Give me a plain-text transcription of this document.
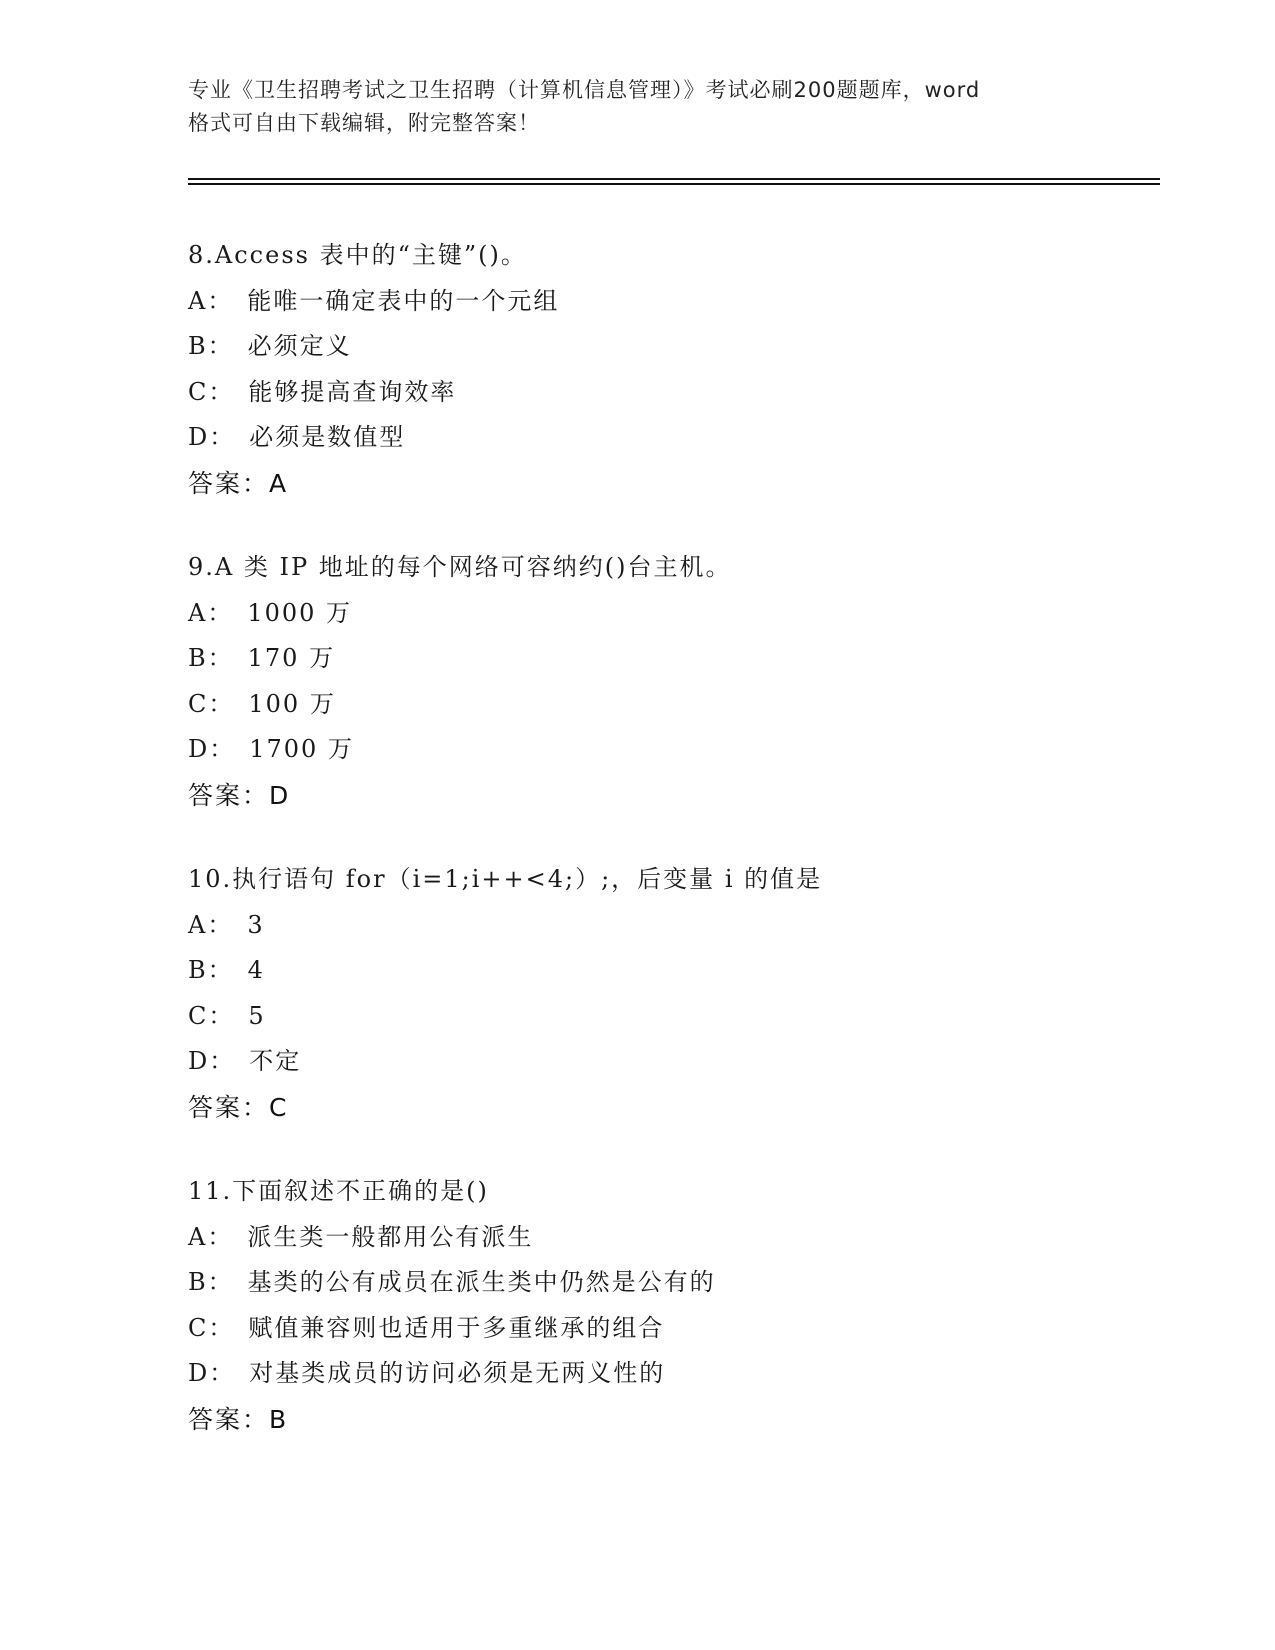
专业《卫生招聘考试之卫生招聘（计算机信息管理）》考试必刷200题题库，word
格式可自由下载编辑，附完整答案！
8.Access 表中的“主键”()。
A： 能唯一确定表中的一个元组
B： 必须定义
C： 能够提高查询效率
D： 必须是数值型
答案：A
9.A 类 IP 地址的每个网络可容纳约()台主机。
A： 1000 万
B： 170 万
C： 100 万
D： 1700 万
答案：D
10.执行语句 for（i=1;i++<4;）;，后变量 i 的值是
A： 3
B： 4
C： 5
D： 不定
答案：C
11.下面叙述不正确的是()
A： 派生类一般都用公有派生
B： 基类的公有成员在派生类中仍然是公有的
C： 赋值兼容则也适用于多重继承的组合
D： 对基类成员的访问必须是无两义性的
答案：B
